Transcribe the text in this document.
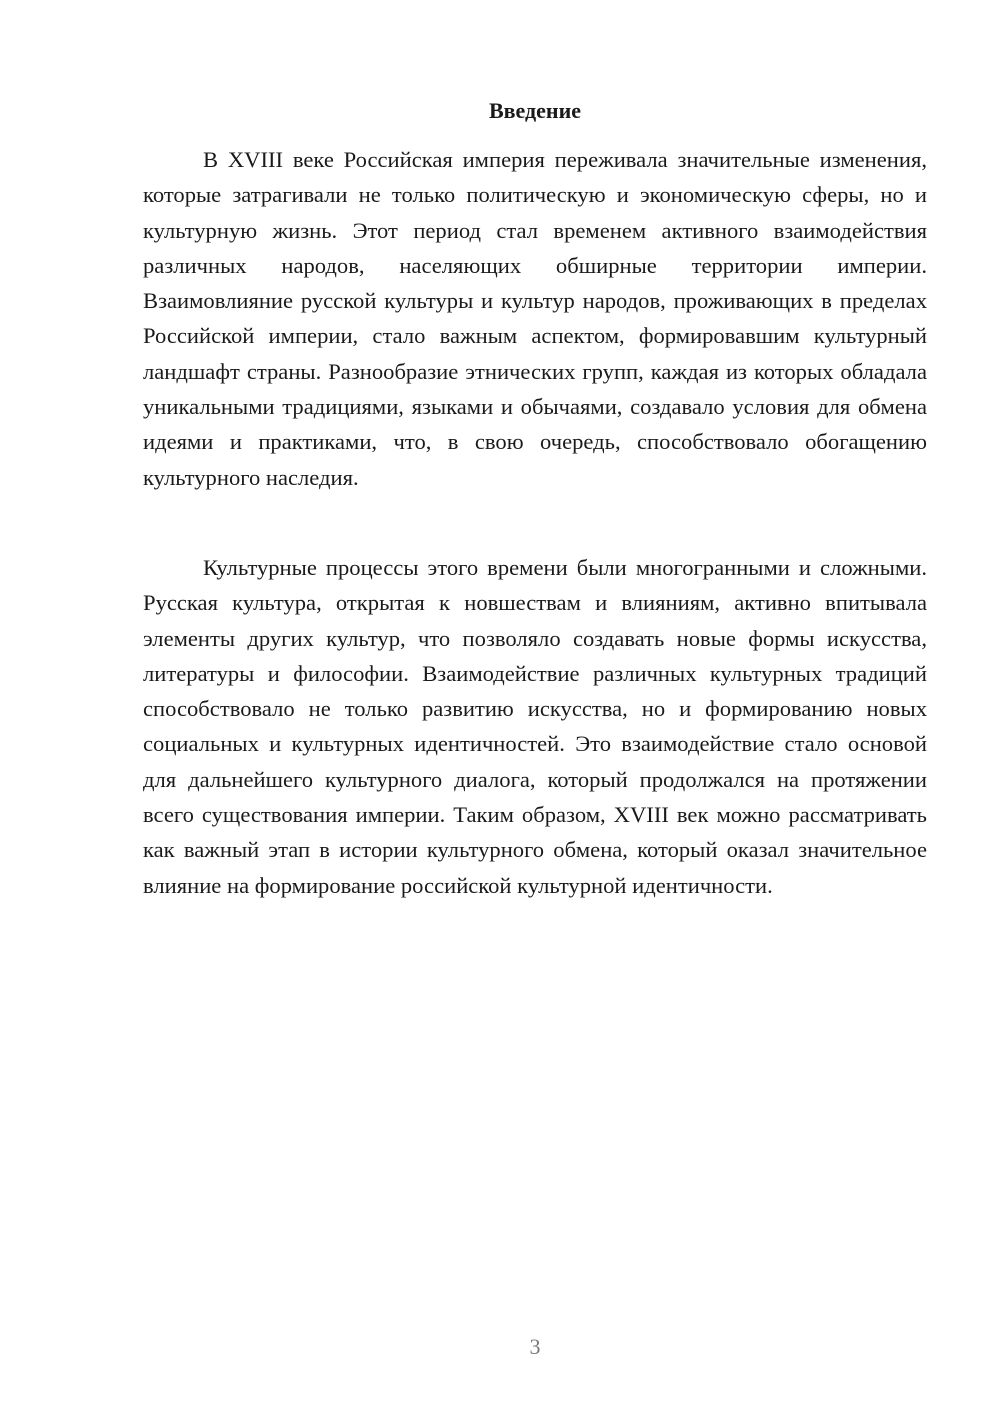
Введение

В XVIII веке Российская империя переживала значительные изменения, которые затрагивали не только политическую и экономическую сферы, но и культурную жизнь. Этот период стал временем активного взаимодействия различных народов, населяющих обширные территории империи. Взаимовлияние русской культуры и культур народов, проживающих в пределах Российской империи, стало важным аспектом, формировавшим культурный ландшафт страны. Разнообразие этнических групп, каждая из которых обладала уникальными традициями, языками и обычаями, создавало условия для обмена идеями и практиками, что, в свою очередь, способствовало обогащению культурного наследия.

Культурные процессы этого времени были многогранными и сложными. Русская культура, открытая к новшествам и влияниям, активно впитывала элементы других культур, что позволяло создавать новые формы искусства, литературы и философии. Взаимодействие различных культурных традиций способствовало не только развитию искусства, но и формированию новых социальных и культурных идентичностей. Это взаимодействие стало основой для дальнейшего культурного диалога, который продолжался на протяжении всего существования империи. Таким образом, XVIII век можно рассматривать как важный этап в истории культурного обмена, который оказал значительное влияние на формирование российской культурной идентичности.

3
